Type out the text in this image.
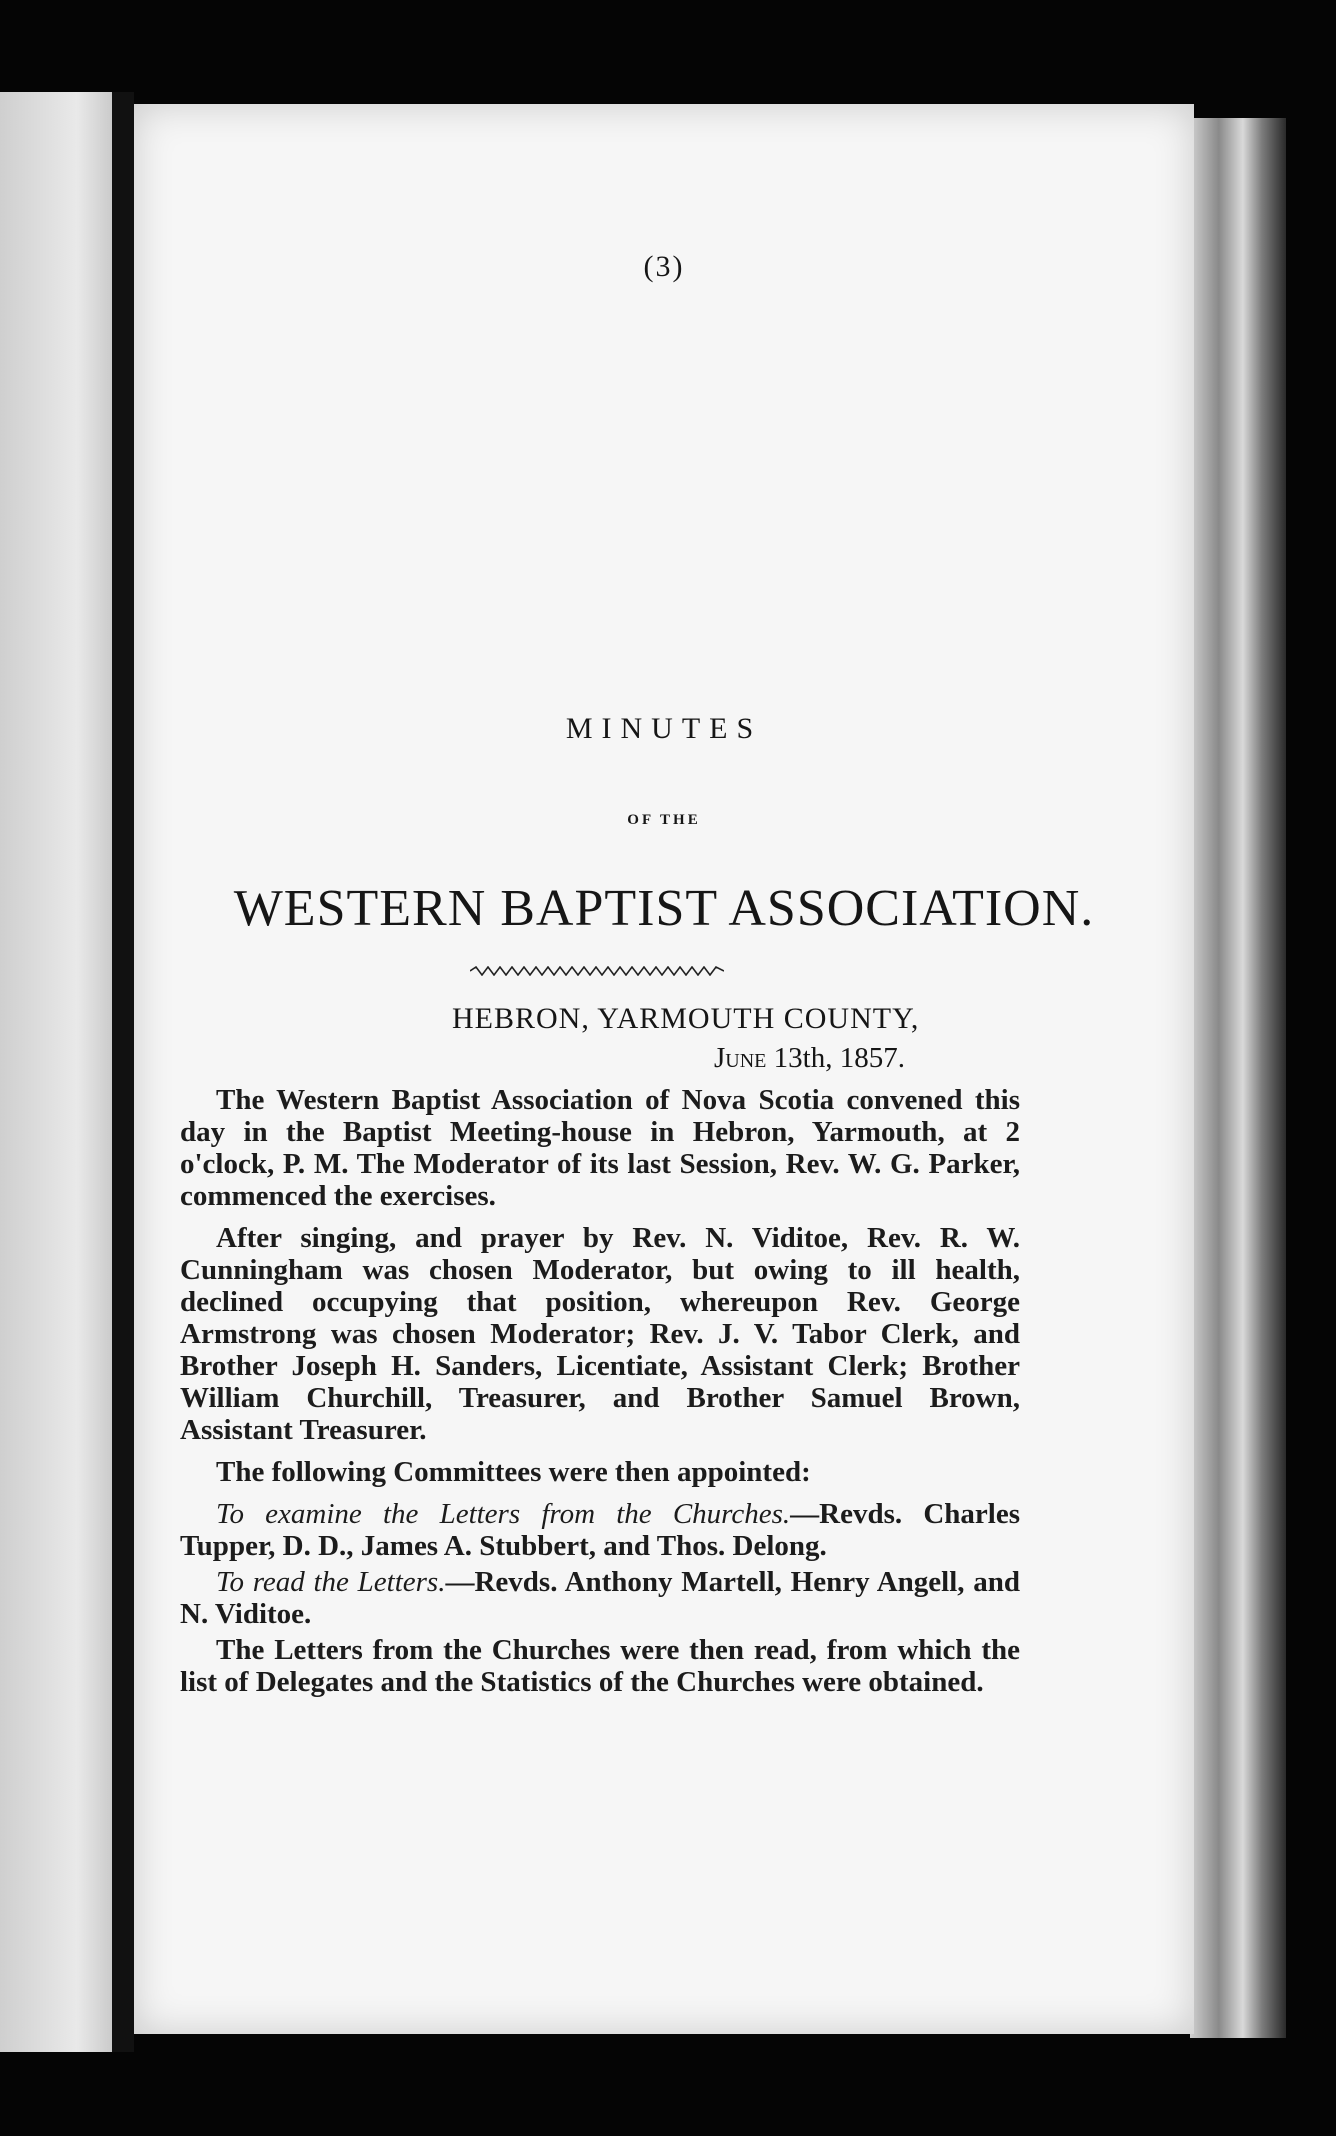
(3)
MINUTES
OF THE
WESTERN BAPTIST ASSOCIATION.
HEBRON, YARMOUTH COUNTY,
June 13th, 1857.

The Western Baptist Association of Nova Scotia convened this day in the Baptist Meeting-house in Hebron, Yarmouth, at 2 o'clock, P. M. The Moderator of its last Session, Rev. W. G. Parker, commenced the exercises.

After singing, and prayer by Rev. N. Viditoe, Rev. R. W. Cunningham was chosen Moderator, but owing to ill health, declined occupying that position, whereupon Rev. George Armstrong was chosen Moderator; Rev. J. V. Tabor Clerk, and Brother Joseph H. Sanders, Licentiate, Assistant Clerk; Brother William Churchill, Treasurer, and Brother Samuel Brown, Assistant Treasurer.

The following Committees were then appointed:

To examine the Letters from the Churches.—Revds. Charles Tupper, D. D., James A. Stubbert, and Thos. Delong.

To read the Letters.—Revds. Anthony Martell, Henry Angell, and N. Viditoe.

The Letters from the Churches were then read, from which the list of Delegates and the Statistics of the Churches were obtained.
